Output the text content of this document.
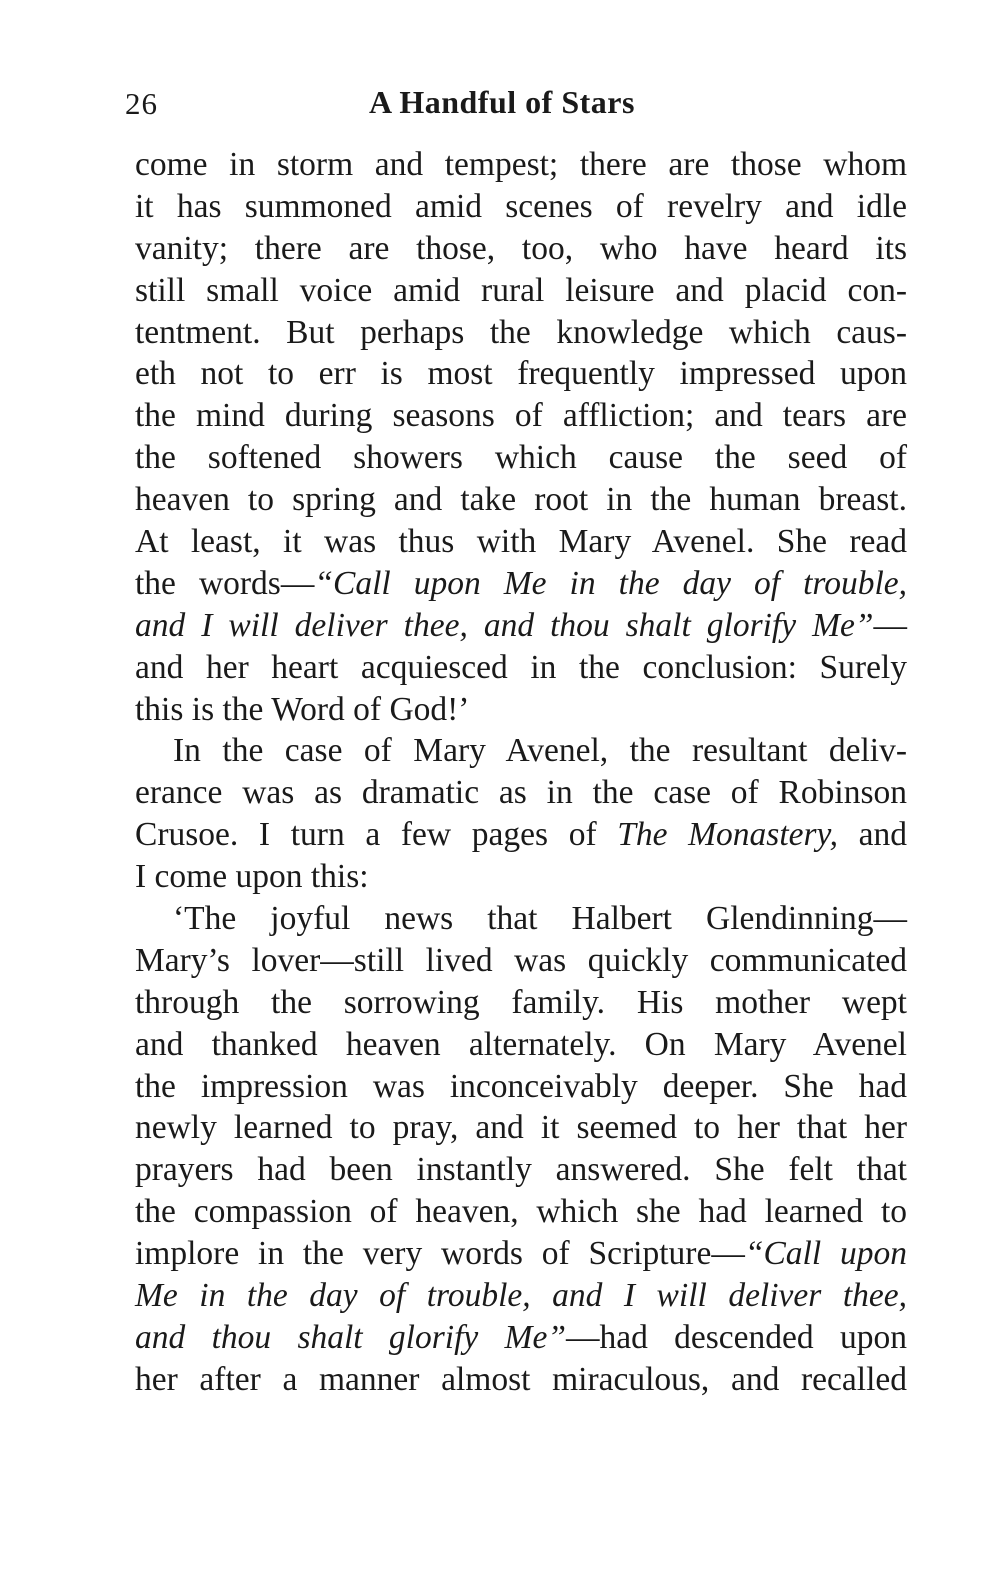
26	A Handful of Stars
come in storm and tempest; there are those whom
it has summoned amid scenes of revelry and idle
vanity; there are those, too, who have heard its
still small voice amid rural leisure and placid con-
tentment. But perhaps the knowledge which caus-
eth not to err is most frequently impressed upon
the mind during seasons of affliction; and tears are
the softened showers which cause the seed of
heaven to spring and take root in the human breast.
At least, it was thus with Mary Avenel. She read
the words—“Call upon Me in the day of trouble,
and I will deliver thee, and thou shalt glorify Me”—
and her heart acquiesced in the conclusion: Surely
this is the Word of God!’
In the case of Mary Avenel, the resultant deliv-
erance was as dramatic as in the case of Robinson
Crusoe. I turn a few pages of The Monastery, and
I come upon this:
‘The joyful news that Halbert Glendinning—
Mary’s lover—still lived was quickly communicated
through the sorrowing family. His mother wept
and thanked heaven alternately. On Mary Avenel
the impression was inconceivably deeper. She had
newly learned to pray, and it seemed to her that her
prayers had been instantly answered. She felt that
the compassion of heaven, which she had learned to
implore in the very words of Scripture—“Call upon
Me in the day of trouble, and I will deliver thee,
and thou shalt glorify Me”—had descended upon
her after a manner almost miraculous, and recalled
